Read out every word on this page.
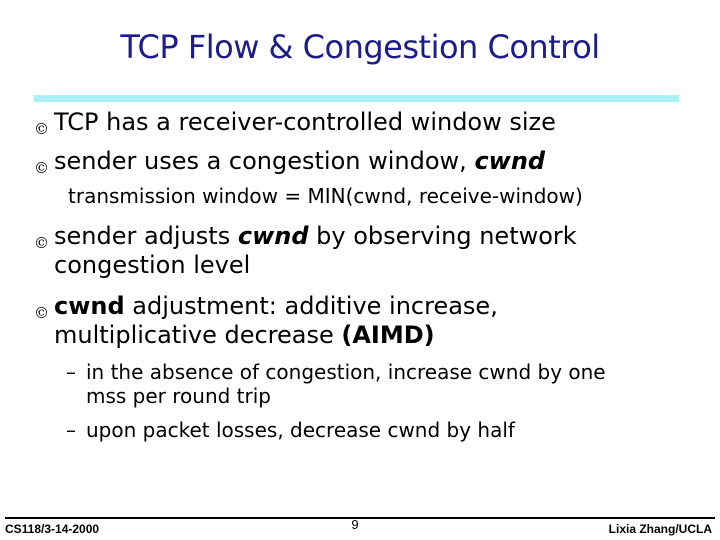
TCP Flow & Congestion Control
© TCP has a receiver-controlled window size
© sender uses a congestion window, cwnd
transmission window = MIN(cwnd, receive-window)
© sender adjusts cwnd by observing network
congestion level
© cwnd adjustment: additive increase,
multiplicative decrease (AIMD)
– in the absence of congestion, increase cwnd by one
mss per round trip
– upon packet losses, decrease cwnd by half
CS118/3-14-2000	9	Lixia Zhang/UCLA
